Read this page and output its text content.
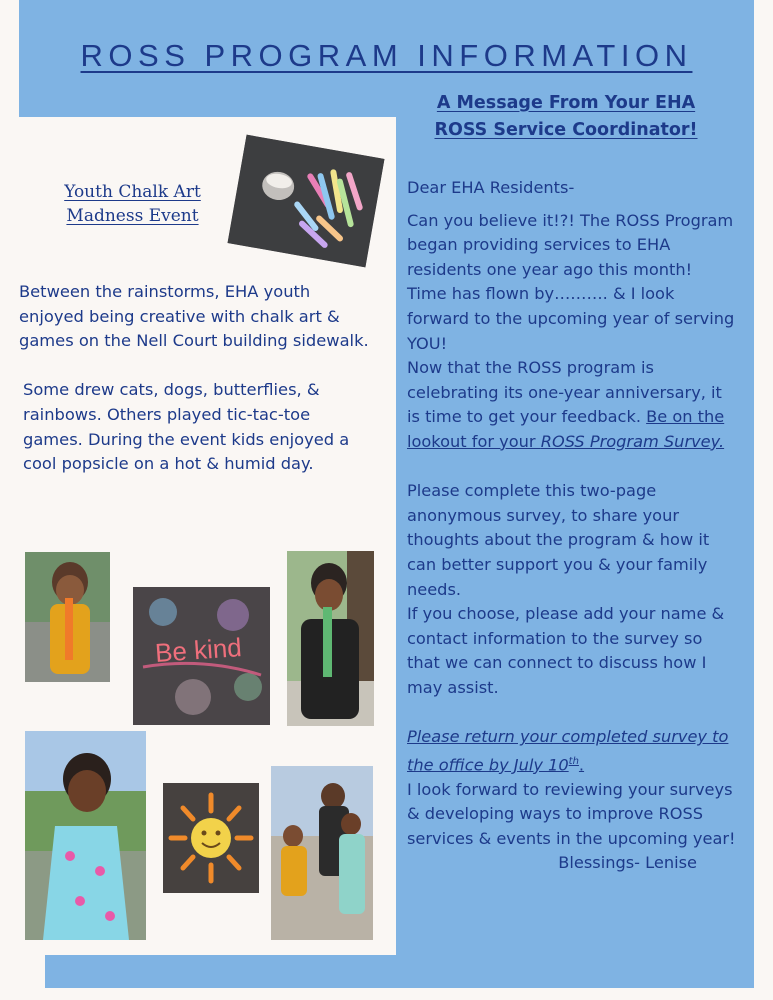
ROSS PROGRAM INFORMATION
A Message From Your EHA
ROSS Service Coordinator!

Dear EHA Residents-

Can you believe it!?! The ROSS Program began providing services to EHA residents one year ago this month!

Time has flown by………. & I look forward to the upcoming year of serving YOU!

Now that the ROSS program is celebrating its one-year anniversary, it is time to get your feedback. Be on the lookout for your ROSS Program Survey.

Please complete this two-page anonymous survey, to share your thoughts about the program & how it can better support you & your family needs.

If you choose, please add your name & contact information to the survey so that we can connect to discuss how I may assist.

Please return your completed survey to the office by July 10th.

I look forward to reviewing your surveys & developing ways to improve ROSS services & events in the upcoming year!

Blessings- Lenise

Youth Chalk Art
Madness Event

Between the rainstorms, EHA youth enjoyed being creative with chalk art & games on the Nell Court building sidewalk.

Some drew cats, dogs, butterflies, & rainbows. Others played tic-tac-toe games. During the event kids enjoyed a cool popsicle on a hot & humid day.

Be kind
